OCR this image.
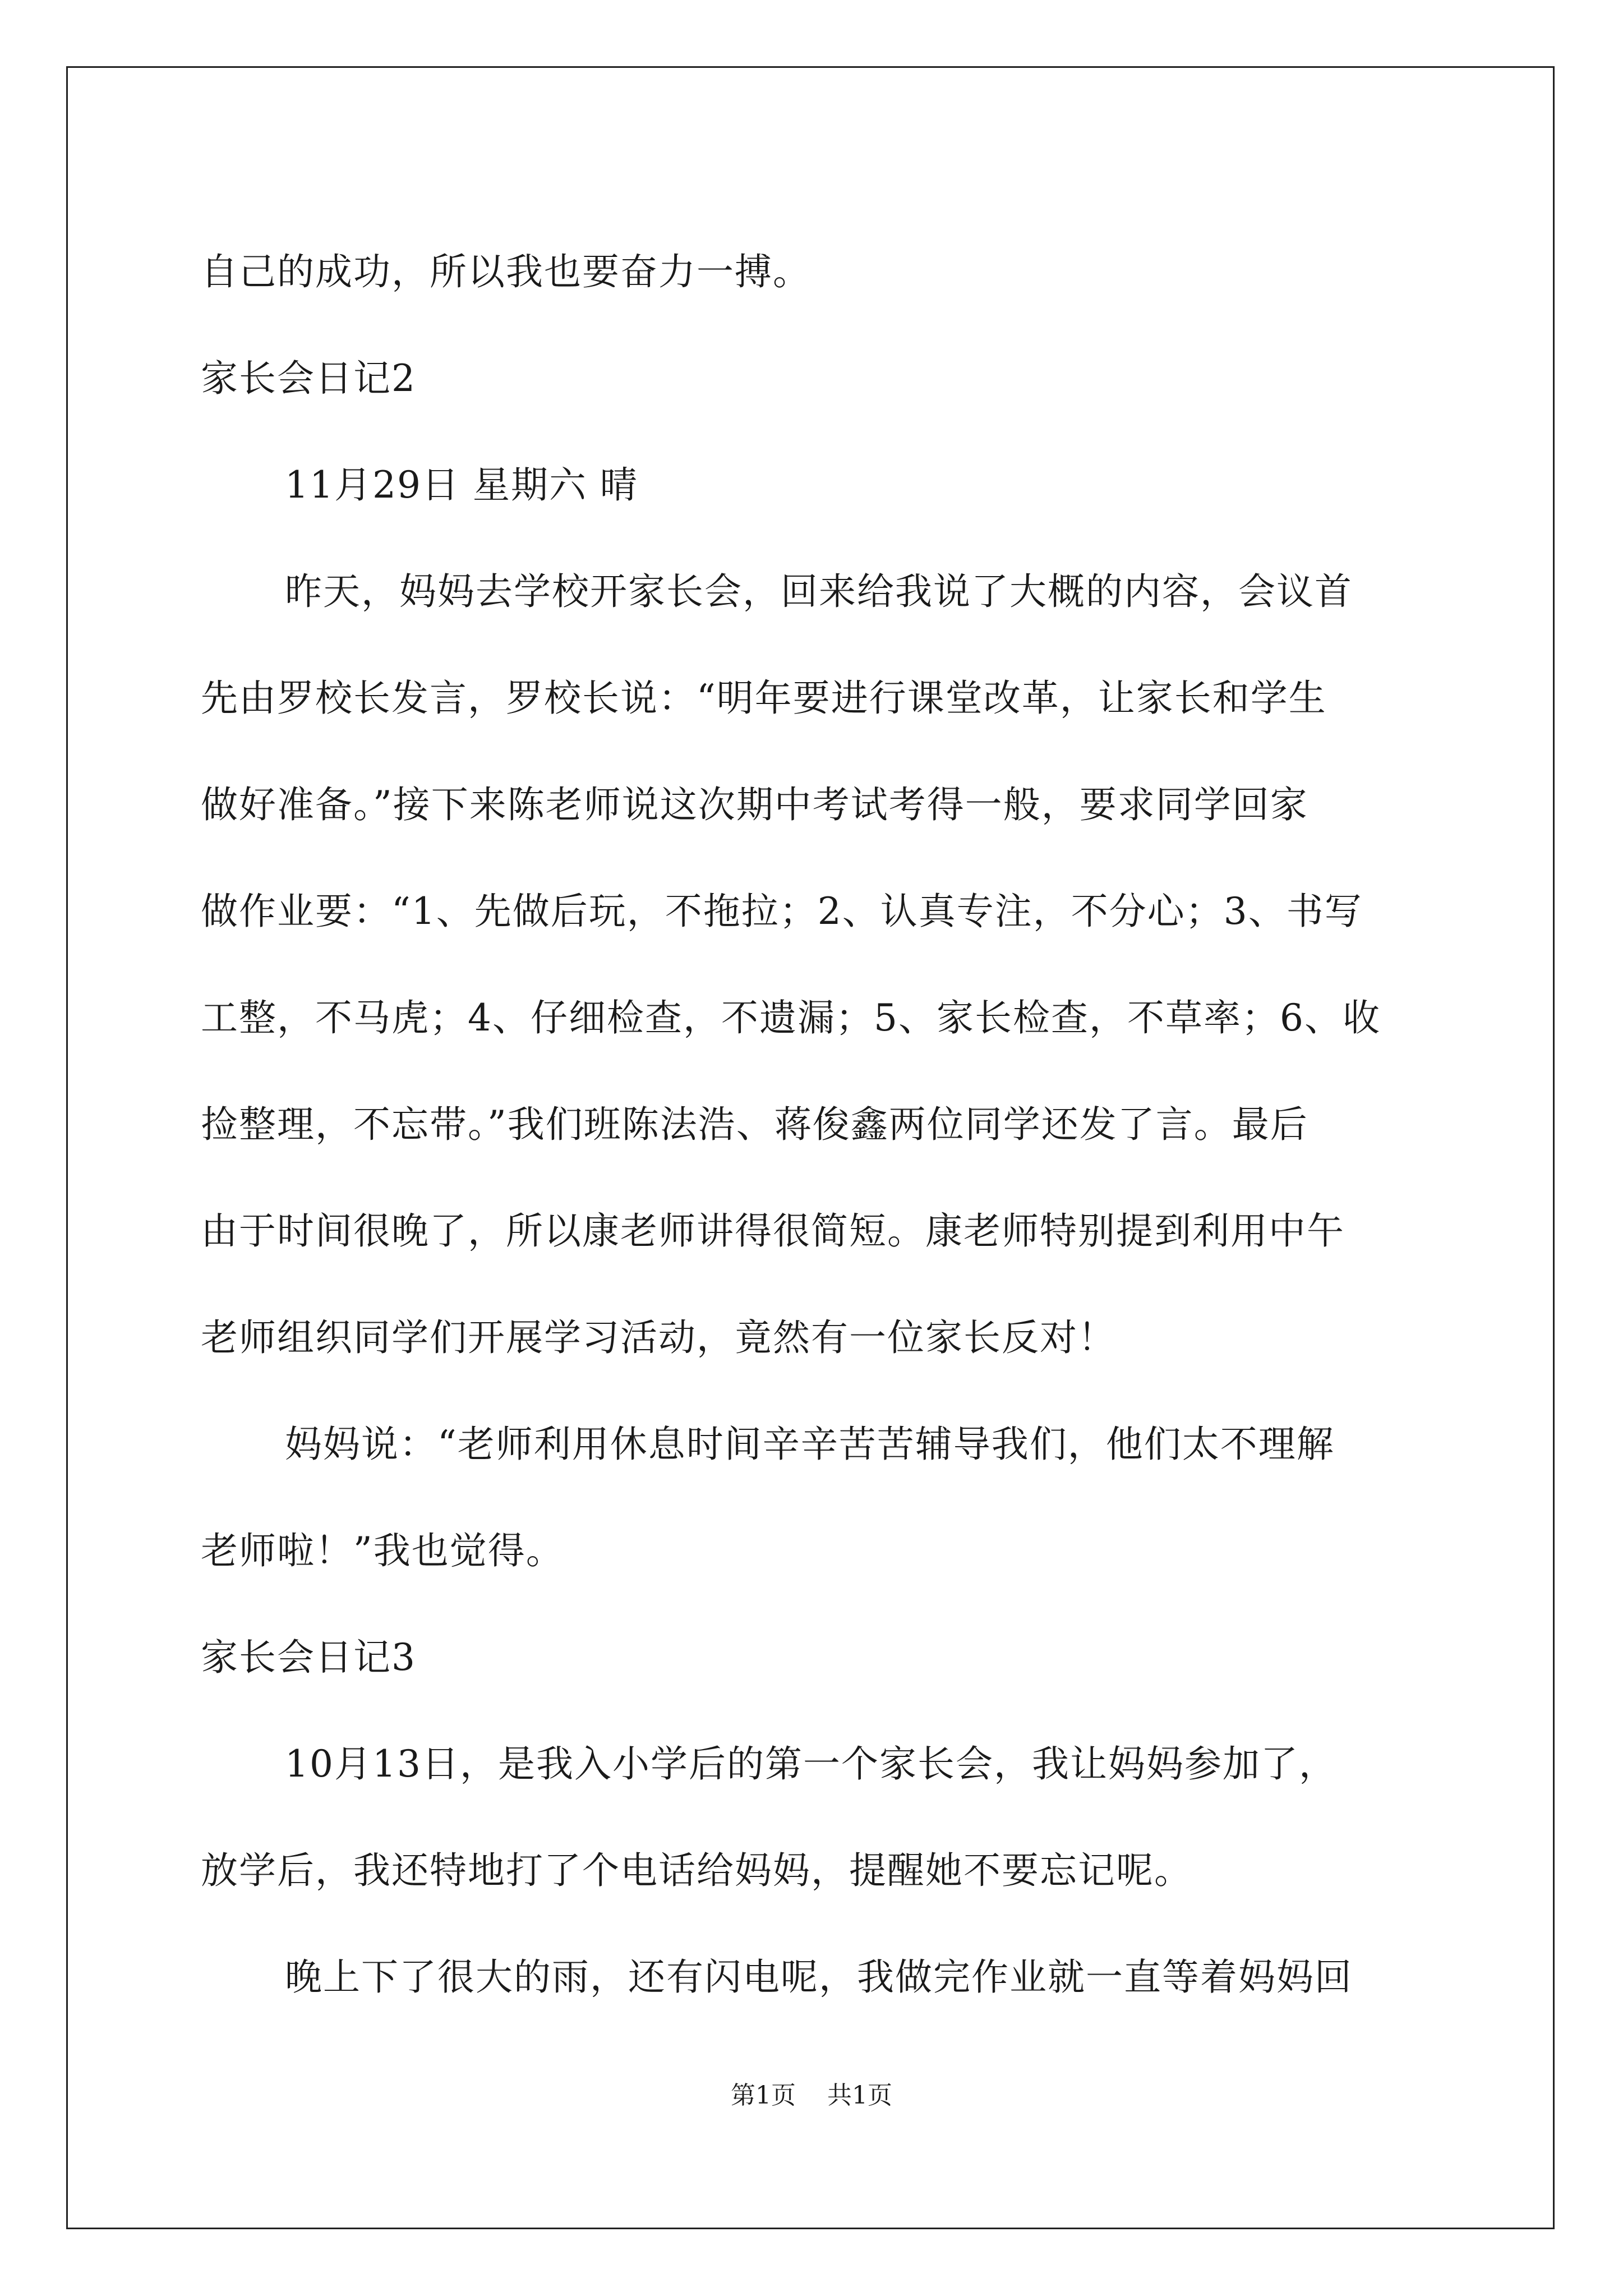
自己的成功，所以我也要奋力一搏。
家长会日记2
11月29日 星期六 晴
昨天，妈妈去学校开家长会，回来给我说了大概的内容，会议首
先由罗校长发言，罗校长说：“明年要进行课堂改革，让家长和学生
做好准备。”接下来陈老师说这次期中考试考得一般，要求同学回家
做作业要：“1、先做后玩，不拖拉；2、认真专注，不分心；3、书写
工整，不马虎；4、仔细检查，不遗漏；5、家长检查，不草率；6、收
捡整理，不忘带。”我们班陈法浩、蒋俊鑫两位同学还发了言。最后
由于时间很晚了，所以康老师讲得很简短。康老师特别提到利用中午
老师组织同学们开展学习活动，竟然有一位家长反对！
妈妈说：“老师利用休息时间辛辛苦苦辅导我们，他们太不理解
老师啦！”我也觉得。
家长会日记3
10月13日，是我入小学后的第一个家长会，我让妈妈参加了，
放学后，我还特地打了个电话给妈妈，提醒她不要忘记呢。
晚上下了很大的雨，还有闪电呢，我做完作业就一直等着妈妈回
第1页 共1页
